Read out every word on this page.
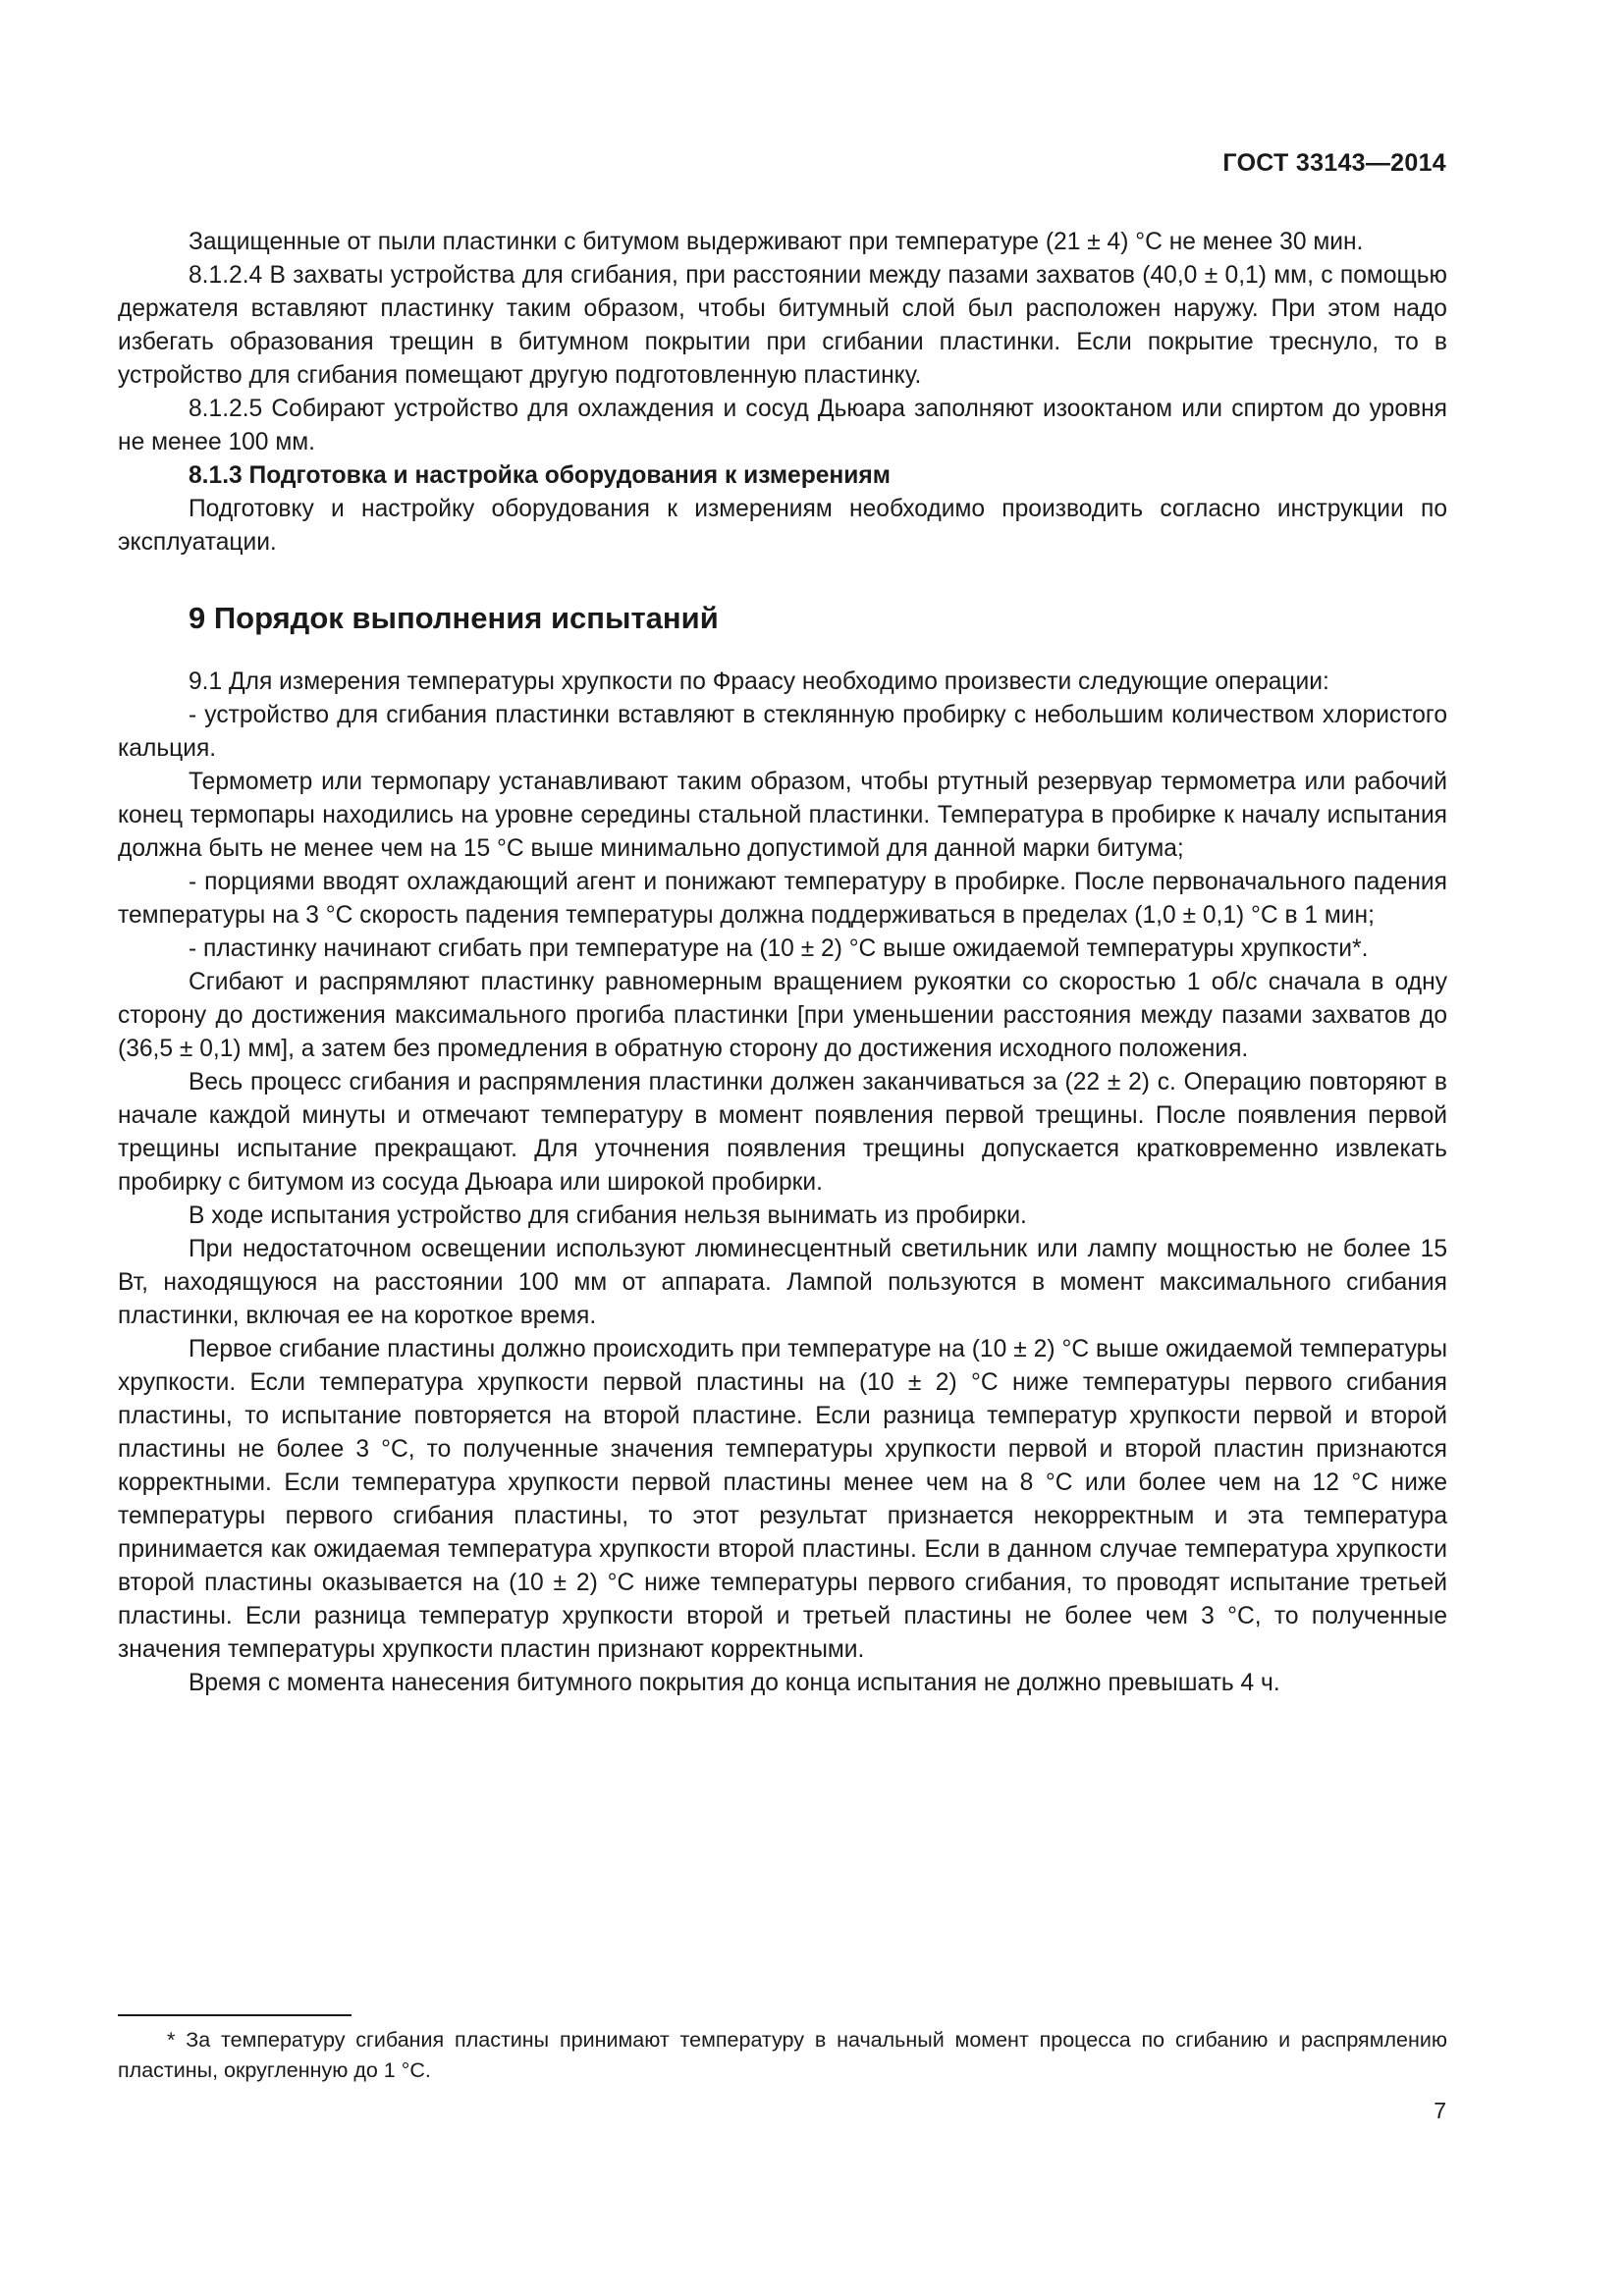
ГОСТ 33143—2014

Защищенные от пыли пластинки с битумом выдерживают при температуре (21 ± 4) °С не менее 30 мин.

8.1.2.4 В захваты устройства для сгибания, при расстоянии между пазами захватов (40,0 ± 0,1) мм, с помощью держателя вставляют пластинку таким образом, чтобы битумный слой был расположен наружу. При этом надо избегать образования трещин в битумном покрытии при сгибании пластинки. Если покрытие треснуло, то в устройство для сгибания помещают другую подготовленную пластинку.

8.1.2.5 Собирают устройство для охлаждения и сосуд Дьюара заполняют изооктаном или спиртом до уровня не менее 100 мм.

8.1.3 Подготовка и настройка оборудования к измерениям

Подготовку и настройку оборудования к измерениям необходимо производить согласно инструкции по эксплуатации.

9 Порядок выполнения испытаний

9.1 Для измерения температуры хрупкости по Фраасу необходимо произвести следующие операции:

- устройство для сгибания пластинки вставляют в стеклянную пробирку с небольшим количеством хлористого кальция.

Термометр или термопару устанавливают таким образом, чтобы ртутный резервуар термометра или рабочий конец термопары находились на уровне середины стальной пластинки. Температура в пробирке к началу испытания должна быть не менее чем на 15 °С выше минимально допустимой для данной марки битума;

- порциями вводят охлаждающий агент и понижают температуру в пробирке. После первоначального падения температуры на 3 °С скорость падения температуры должна поддерживаться в пределах (1,0 ± 0,1) °С в 1 мин;

- пластинку начинают сгибать при температуре на (10 ± 2) °С выше ожидаемой температуры хрупкости*.

Сгибают и распрямляют пластинку равномерным вращением рукоятки со скоростью 1 об/с сначала в одну сторону до достижения максимального прогиба пластинки [при уменьшении расстояния между пазами захватов до (36,5 ± 0,1) мм], а затем без промедления в обратную сторону до достижения исходного положения.

Весь процесс сгибания и распрямления пластинки должен заканчиваться за (22 ± 2) с. Операцию повторяют в начале каждой минуты и отмечают температуру в момент появления первой трещины. После появления первой трещины испытание прекращают. Для уточнения появления трещины допускается кратковременно извлекать пробирку с битумом из сосуда Дьюара или широкой пробирки.

В ходе испытания устройство для сгибания нельзя вынимать из пробирки.

При недостаточном освещении используют люминесцентный светильник или лампу мощностью не более 15 Вт, находящуюся на расстоянии 100 мм от аппарата. Лампой пользуются в момент максимального сгибания пластинки, включая ее на короткое время.

Первое сгибание пластины должно происходить при температуре на (10 ± 2) °С выше ожидаемой температуры хрупкости. Если температура хрупкости первой пластины на (10 ± 2) °С ниже температуры первого сгибания пластины, то испытание повторяется на второй пластине. Если разница температур хрупкости первой и второй пластины не более 3 °С, то полученные значения температуры хрупкости первой и второй пластин признаются корректными. Если температура хрупкости первой пластины менее чем на 8 °С или более чем на 12 °С ниже температуры первого сгибания пластины, то этот результат признается некорректным и эта температура принимается как ожидаемая температура хрупкости второй пластины. Если в данном случае температура хрупкости второй пластины оказывается на (10 ± 2) °С ниже температуры первого сгибания, то проводят испытание третьей пластины. Если разница температур хрупкости второй и третьей пластины не более чем 3 °С, то полученные значения температуры хрупкости пластин признают корректными.

Время с момента нанесения битумного покрытия до конца испытания не должно превышать 4 ч.

* За температуру сгибания пластины принимают температуру в начальный момент процесса по сгибанию и распрямлению пластины, округленную до 1 °С.
7
